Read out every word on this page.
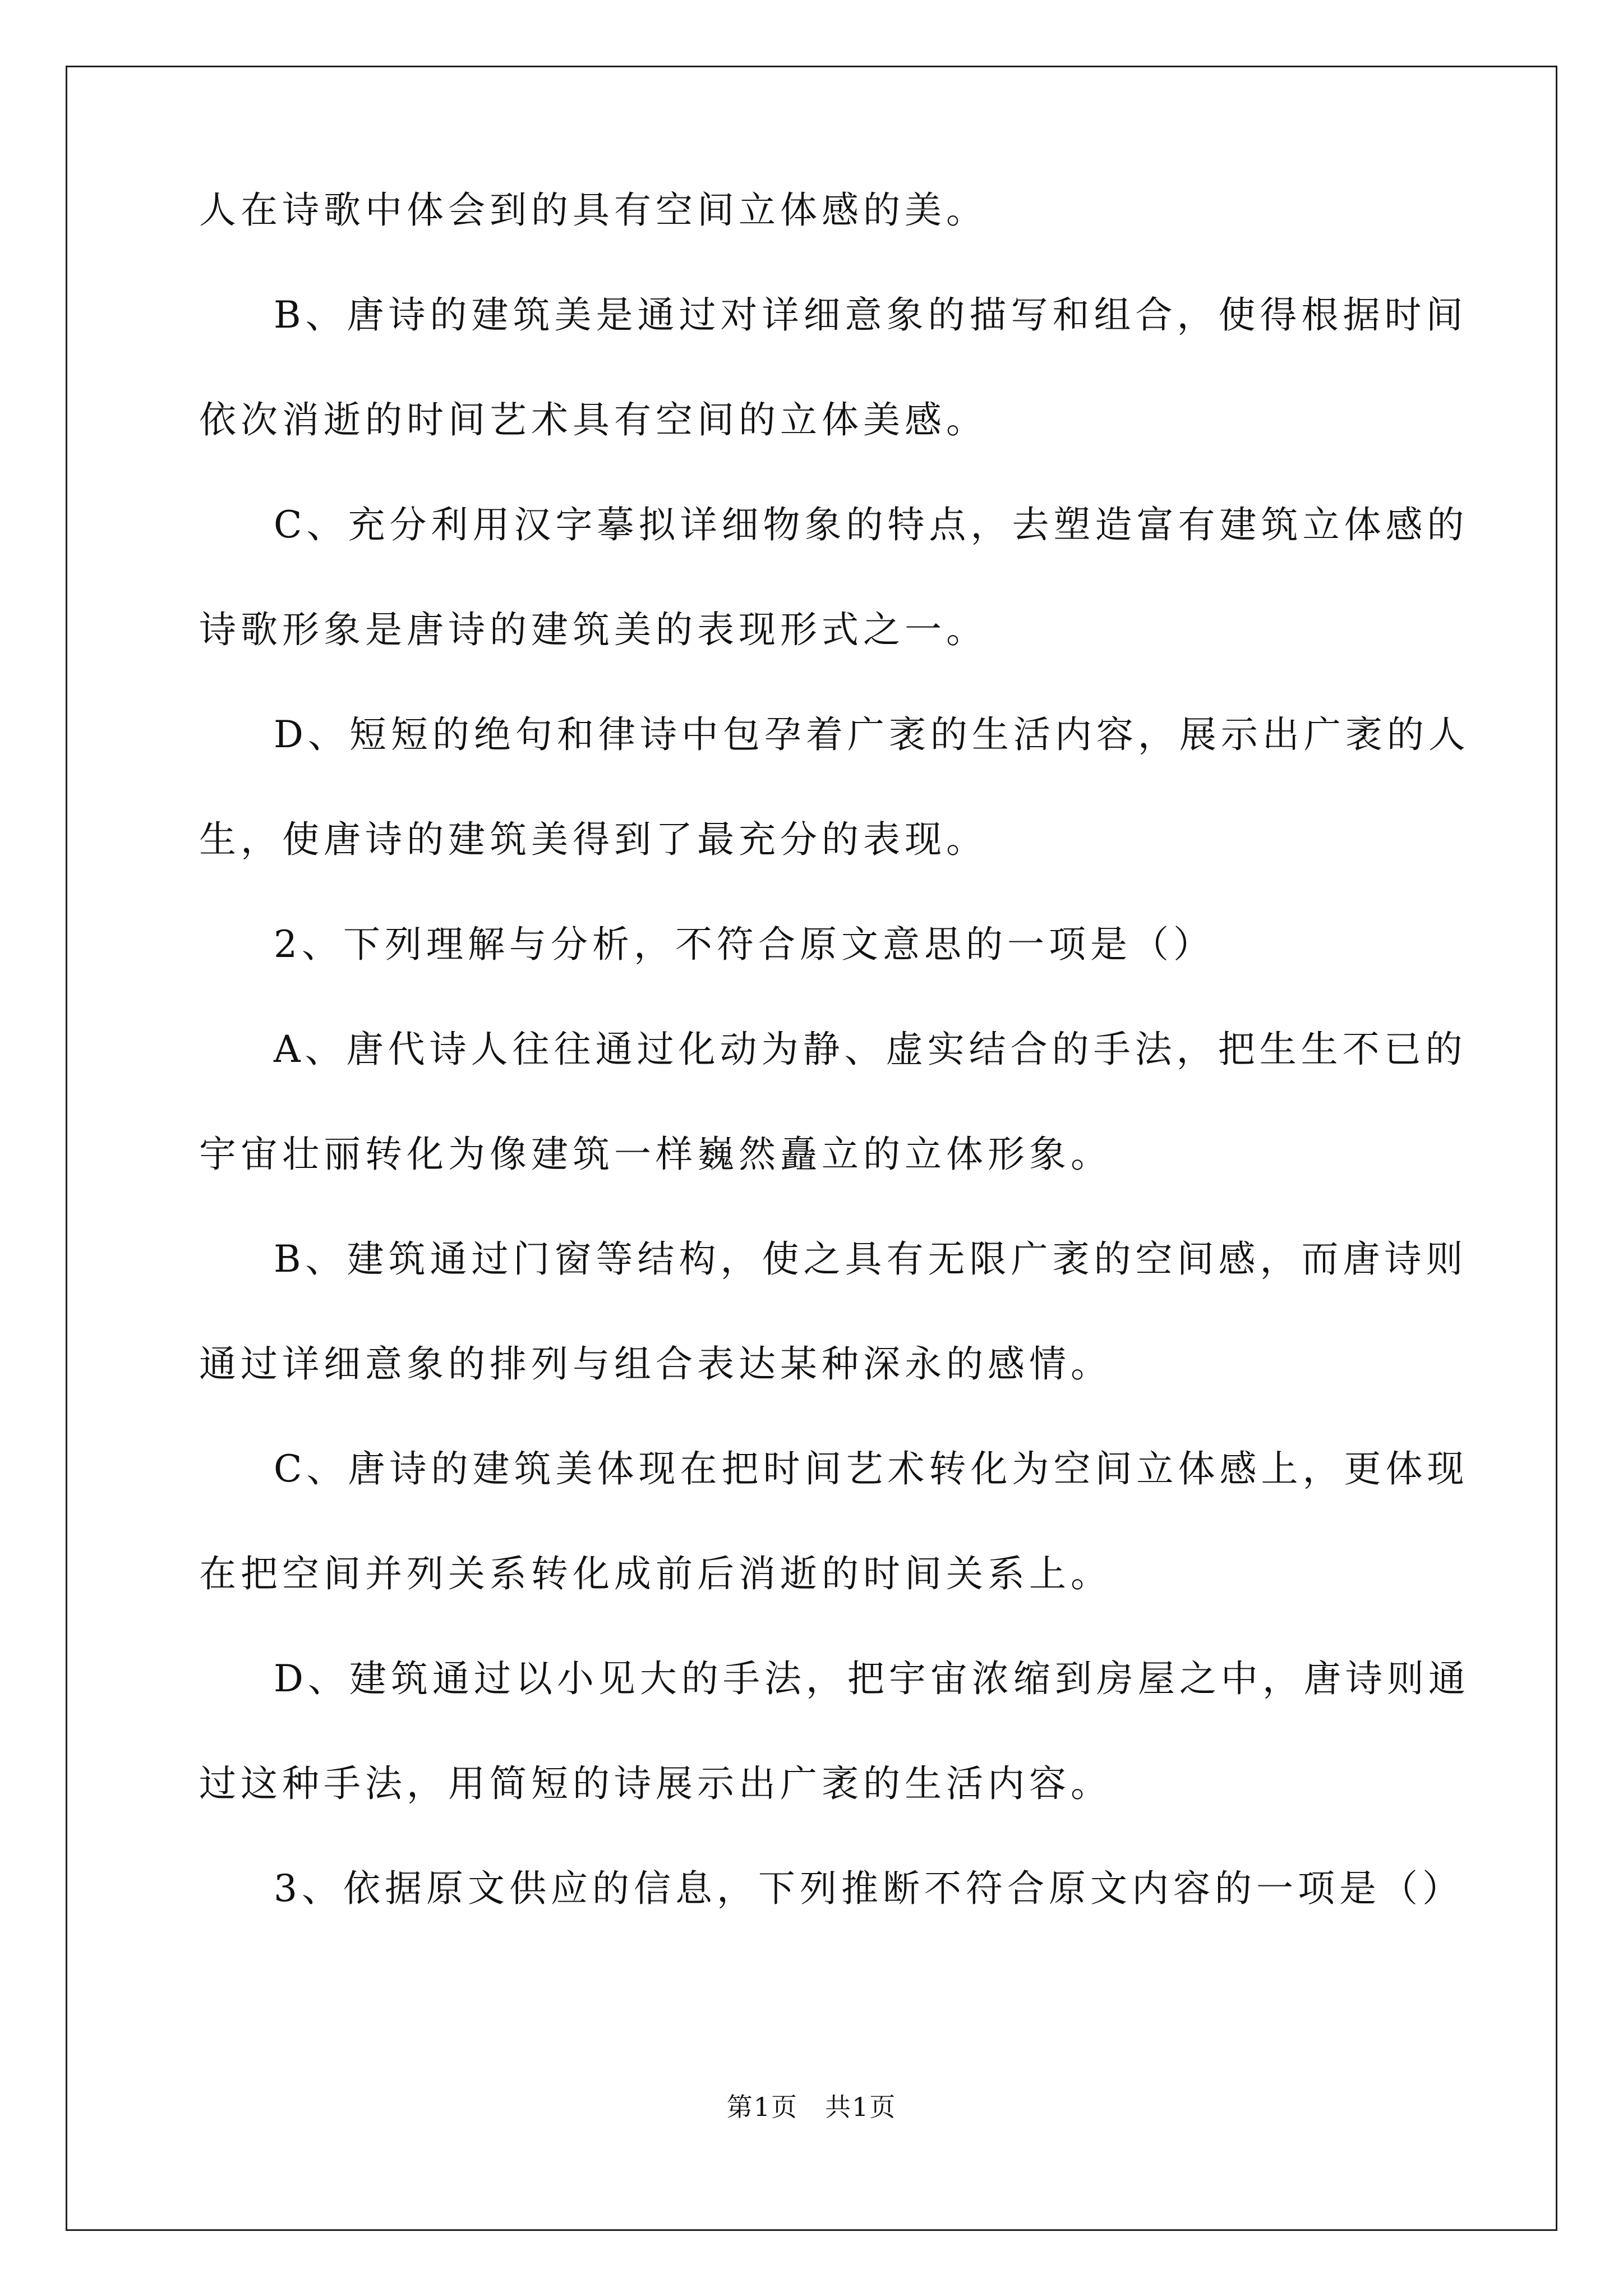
人在诗歌中体会到的具有空间立体感的美。
B、唐诗的建筑美是通过对详细意象的描写和组合，使得根据时间
依次消逝的时间艺术具有空间的立体美感。
C、充分利用汉字摹拟详细物象的特点，去塑造富有建筑立体感的
诗歌形象是唐诗的建筑美的表现形式之一。
D、短短的绝句和律诗中包孕着广袤的生活内容，展示出广袤的人
生，使唐诗的建筑美得到了最充分的表现。
2、下列理解与分析，不符合原文意思的一项是（）
A、唐代诗人往往通过化动为静、虚实结合的手法，把生生不已的
宇宙壮丽转化为像建筑一样巍然矗立的立体形象。
B、建筑通过门窗等结构，使之具有无限广袤的空间感，而唐诗则
通过详细意象的排列与组合表达某种深永的感情。
C、唐诗的建筑美体现在把时间艺术转化为空间立体感上，更体现
在把空间并列关系转化成前后消逝的时间关系上。
D、建筑通过以小见大的手法，把宇宙浓缩到房屋之中，唐诗则通
过这种手法，用简短的诗展示出广袤的生活内容。
3、依据原文供应的信息，下列推断不符合原文内容的一项是（）
第1页　共1页
